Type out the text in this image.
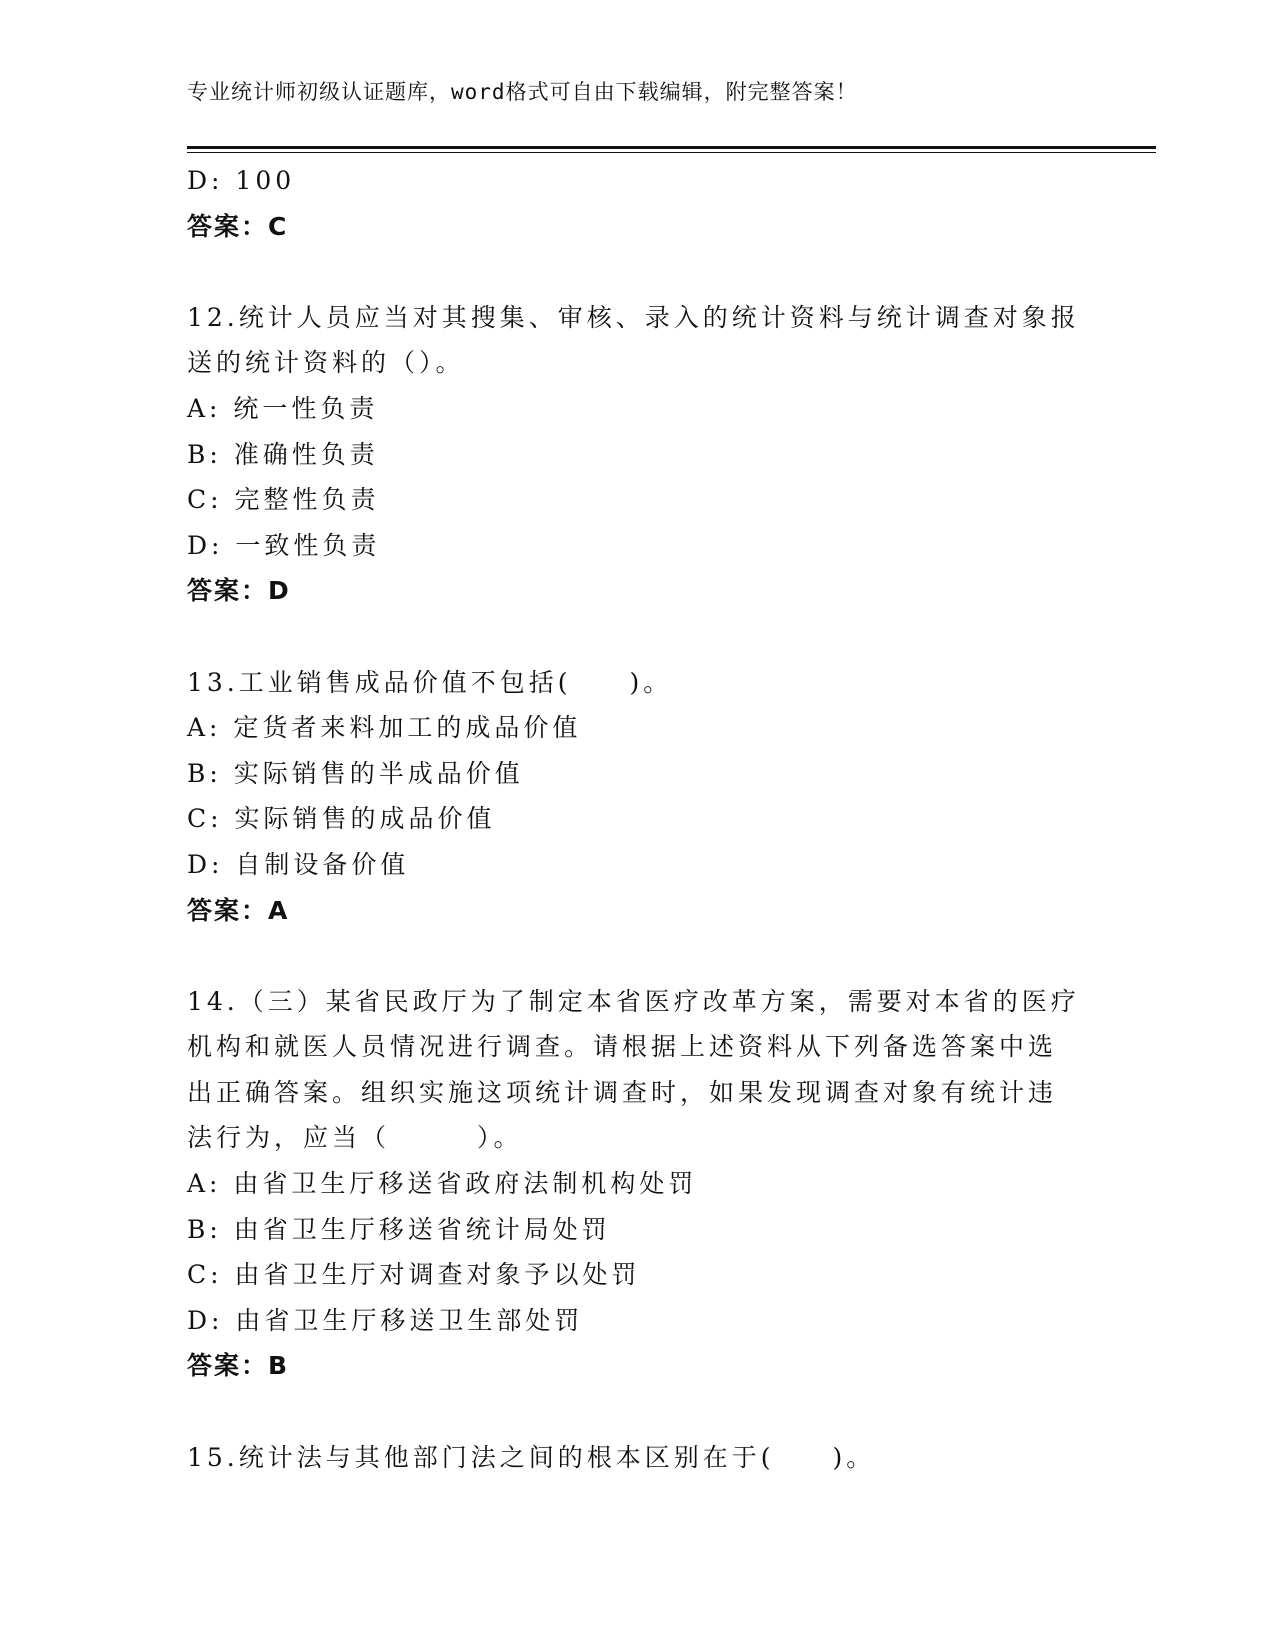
专业统计师初级认证题库，word格式可自由下载编辑，附完整答案！
D: 100
答案：C
12.统计人员应当对其搜集、审核、录入的统计资料与统计调查对象报
送的统计资料的（）。
A: 统一性负责
B: 准确性负责
C: 完整性负责
D: 一致性负责
答案：D
13.工业销售成品价值不包括(　　)。
A: 定货者来料加工的成品价值
B: 实际销售的半成品价值
C: 实际销售的成品价值
D: 自制设备价值
答案：A
14.（三）某省民政厅为了制定本省医疗改革方案，需要对本省的医疗
机构和就医人员情况进行调查。请根据上述资料从下列备选答案中选
出正确答案。组织实施这项统计调查时，如果发现调查对象有统计违
法行为，应当（　　　）。
A: 由省卫生厅移送省政府法制机构处罚
B: 由省卫生厅移送省统计局处罚
C: 由省卫生厅对调查对象予以处罚
D: 由省卫生厅移送卫生部处罚
答案：B
15.统计法与其他部门法之间的根本区别在于(　　)。
